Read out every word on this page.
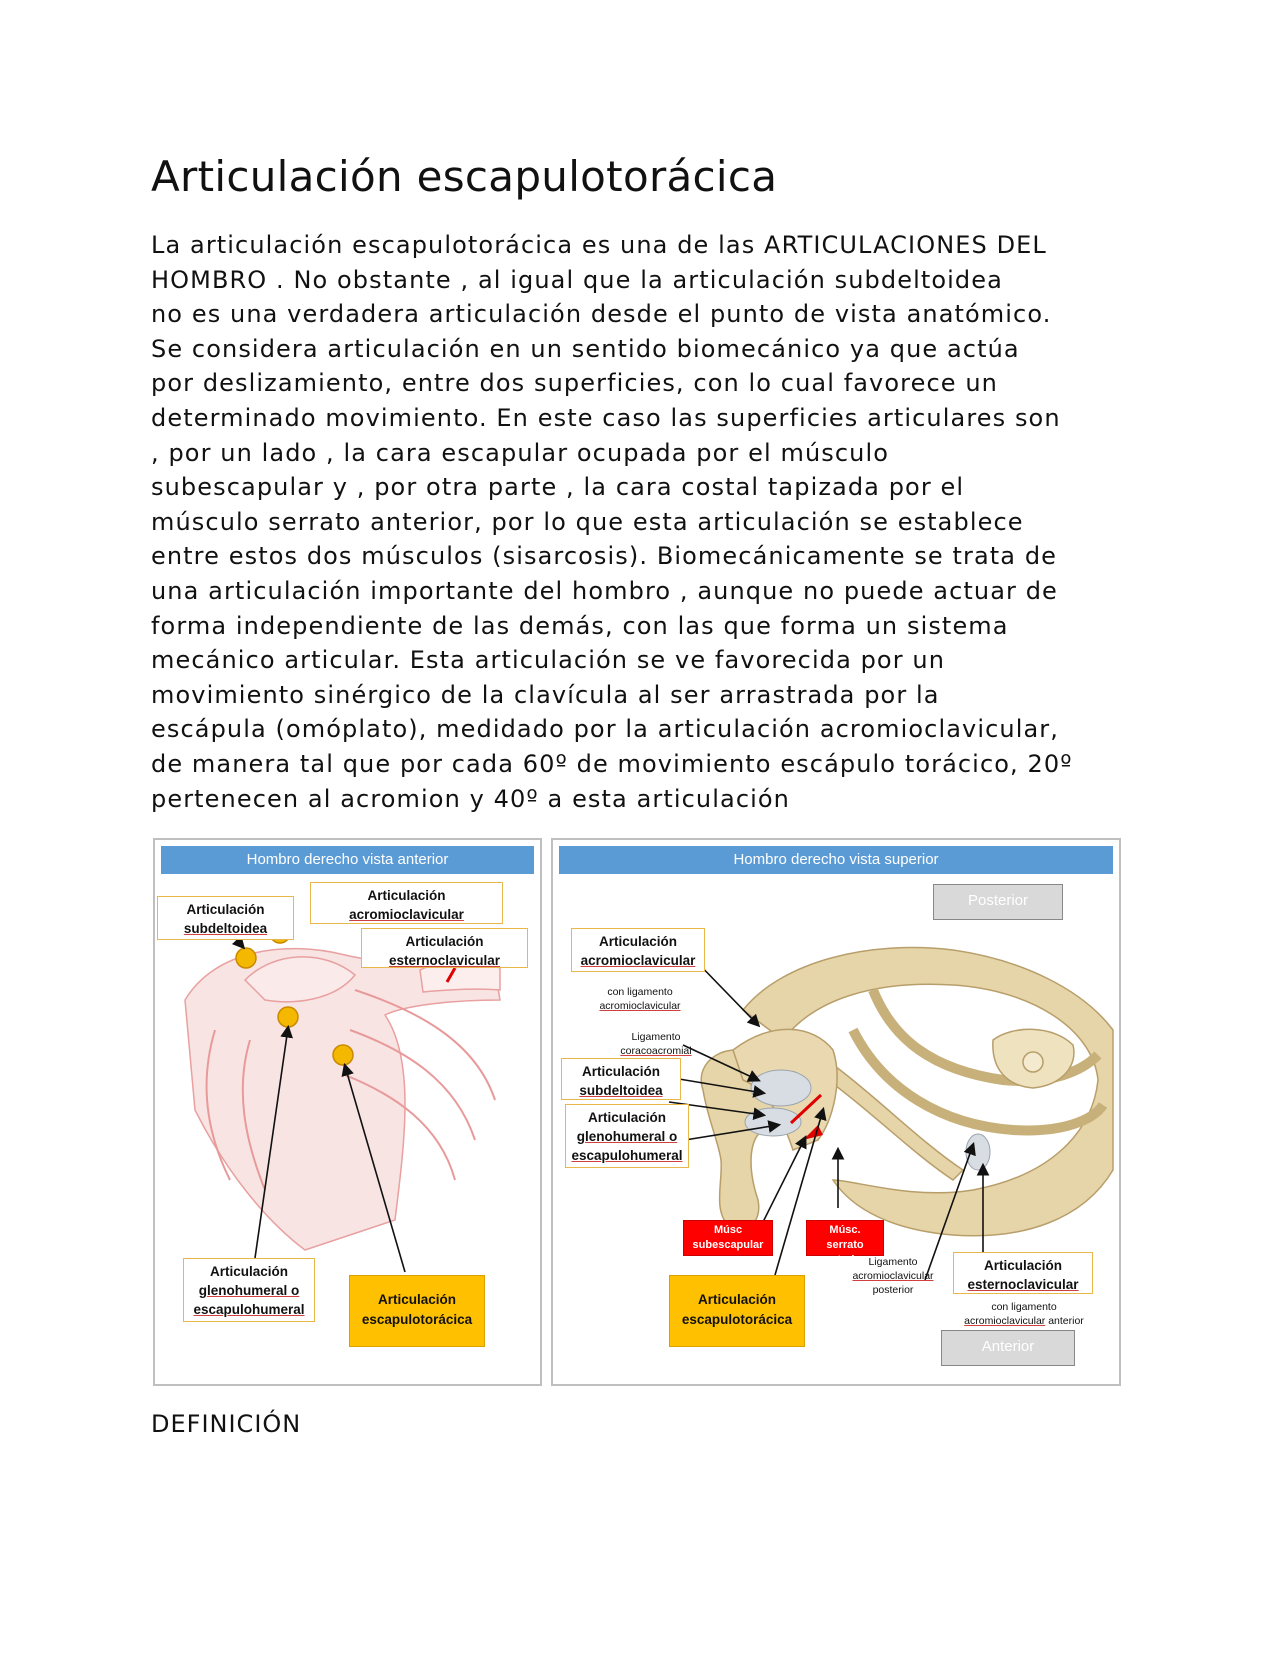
Articulación escapulotorácica
La articulación escapulotorácica es una de las ARTICULACIONES DEL
HOMBRO . No obstante , al igual que la articulación subdeltoidea
no es una verdadera articulación desde el punto de vista anatómico.
Se considera articulación en un sentido biomecánico ya que actúa
por deslizamiento, entre dos superficies, con lo cual favorece un
determinado movimiento. En este caso las superficies articulares son
, por un lado , la cara escapular ocupada por el músculo
subescapular y , por otra parte , la cara costal tapizada por el
músculo serrato anterior, por lo que esta articulación se establece
entre estos dos músculos (sisarcosis). Biomecánicamente se trata de
una articulación importante del hombro , aunque no puede actuar de
forma independiente de las demás, con las que forma un sistema
mecánico articular. Esta articulación se ve favorecida por un
movimiento sinérgico de la clavícula al ser arrastrada por la
escápula (omóplato), medidado por la articulación acromioclavicular,
de manera tal que por cada 60º de movimiento escápulo torácico, 20º
pertenecen al acromion y 40º a esta articulación
Hombro derecho vista anterior
Articulación
subdeltoidea
Articulación
acromioclavicular
Articulación
esternoclavicular
Articulación
glenohumeral o
escapulohumeral
Articulación
escapulotorácica
Hombro derecho vista superior
Posterior
Articulación
acromioclavicular
con ligamento
acromioclavicular
Ligamento
coracoacromial
Articulación
subdeltoidea
Articulación
glenohumeral o
escapulohumeral
Músc
subescapular
Músc. serrato
anterior Ligamento
acromioclavicular
posterior
Articulación
esternoclavicular
con ligamento
acromioclavicular anterior
Articulación
escapulotorácica
Anterior
DEFINICIÓN
